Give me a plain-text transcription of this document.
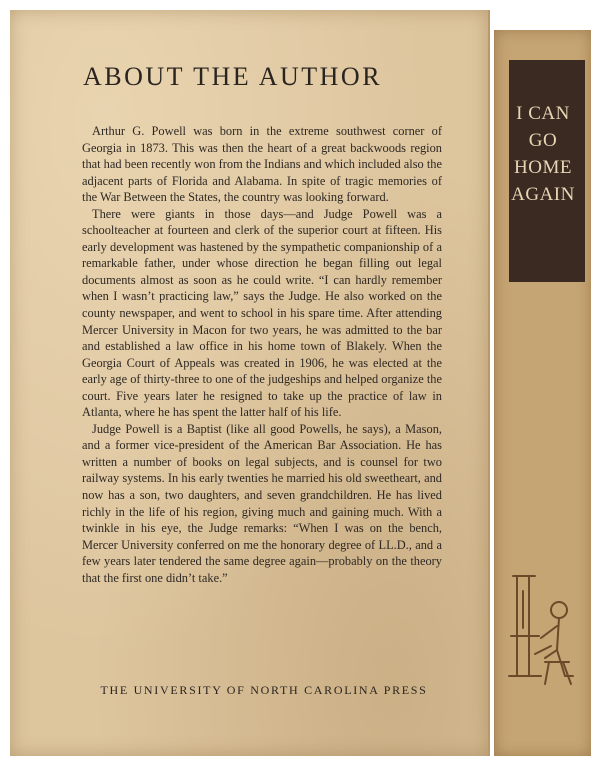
ABOUT THE AUTHOR

Arthur G. Powell was born in the extreme southwest corner of Georgia in 1873. This was then the heart of a great backwoods region that had been recently won from the Indians and which included also the adjacent parts of Florida and Alabama. In spite of tragic memories of the War Between the States, the country was looking forward.

There were giants in those days—and Judge Powell was a schoolteacher at fourteen and clerk of the superior court at fifteen. His early development was hastened by the sympathetic companionship of a remarkable father, under whose direction he began filling out legal documents almost as soon as he could write. “I can hardly remember when I wasn’t practicing law,” says the Judge. He also worked on the county newspaper, and went to school in his spare time. After attending Mercer University in Macon for two years, he was admitted to the bar and established a law office in his home town of Blakely. When the Georgia Court of Appeals was created in 1906, he was elected at the early age of thirty-three to one of the judgeships and helped organize the court. Five years later he resigned to take up the practice of law in Atlanta, where he has spent the latter half of his life.

Judge Powell is a Baptist (like all good Powells, he says), a Mason, and a former vice-president of the American Bar Association. He has written a number of books on legal subjects, and is counsel for two railway systems. In his early twenties he married his old sweetheart, and now has a son, two daughters, and seven grandchildren. He has lived richly in the life of his region, giving much and gaining much. With a twinkle in his eye, the Judge remarks: “When I was on the bench, Mercer University conferred on me the honorary degree of LL.D., and a few years later tendered the same degree again—probably on the theory that the first one didn’t take.”

THE UNIVERSITY OF NORTH CAROLINA PRESS
I CAN
GO
HOME
AGAIN
